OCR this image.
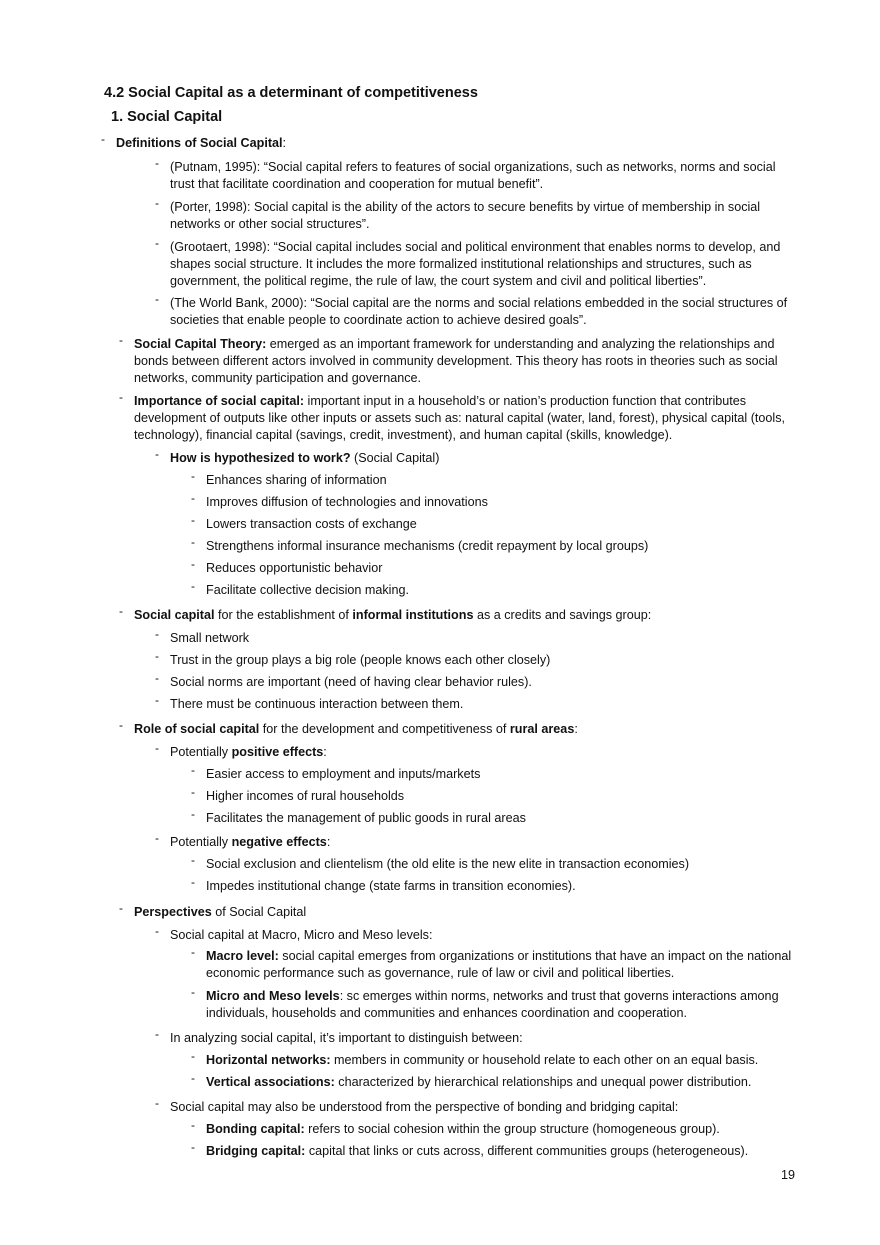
4.2 Social Capital as a determinant of competitiveness
1. Social Capital
- Definitions of Social Capital:
- (Putnam, 1995): “Social capital refers to features of social organizations, such as networks, norms and social trust that facilitate coordination and cooperation for mutual benefit”.
- (Porter, 1998): Social capital is the ability of the actors to secure benefits by virtue of membership in social networks or other social structures”.
- (Grootaert, 1998): “Social capital includes social and political environment that enables norms to develop, and shapes social structure. It includes the more formalized institutional relationships and structures, such as government, the political regime, the rule of law, the court system and civil and political liberties”.
- (The World Bank, 2000): “Social capital are the norms and social relations embedded in the social structures of societies that enable people to coordinate action to achieve desired goals”.
- Social Capital Theory: emerged as an important framework for understanding and analyzing the relationships and bonds between different actors involved in community development. This theory has roots in theories such as social networks, community participation and governance.
- Importance of social capital: important input in a household’s or nation’s production function that contributes development of outputs like other inputs or assets such as: natural capital (water, land, forest), physical capital (tools, technology), financial capital (savings, credit, investment), and human capital (skills, knowledge).
- How is hypothesized to work? (Social Capital)
- Enhances sharing of information
- Improves diffusion of technologies and innovations
- Lowers transaction costs of exchange
- Strengthens informal insurance mechanisms (credit repayment by local groups)
- Reduces opportunistic behavior
- Facilitate collective decision making.
- Social capital for the establishment of informal institutions as a credits and savings group:
- Small network
- Trust in the group plays a big role (people knows each other closely)
- Social norms are important (need of having clear behavior rules).
- There must be continuous interaction between them.
- Role of social capital for the development and competitiveness of rural areas:
- Potentially positive effects:
- Easier access to employment and inputs/markets
- Higher incomes of rural households
- Facilitates the management of public goods in rural areas
- Potentially negative effects:
- Social exclusion and clientelism (the old elite is the new elite in transaction economies)
- Impedes institutional change (state farms in transition economies).
- Perspectives of Social Capital
- Social capital at Macro, Micro and Meso levels:
- Macro level: social capital emerges from organizations or institutions that have an impact on the national economic performance such as governance, rule of law or civil and political liberties.
- Micro and Meso levels: sc emerges within norms, networks and trust that governs interactions among individuals, households and communities and enhances coordination and cooperation.
- In analyzing social capital, it’s important to distinguish between:
- Horizontal networks: members in community or household relate to each other on an equal basis.
- Vertical associations: characterized by hierarchical relationships and unequal power distribution.
- Social capital may also be understood from the perspective of bonding and bridging capital:
- Bonding capital: refers to social cohesion within the group structure (homogeneous group).
- Bridging capital: capital that links or cuts across, different communities groups (heterogeneous).
19
